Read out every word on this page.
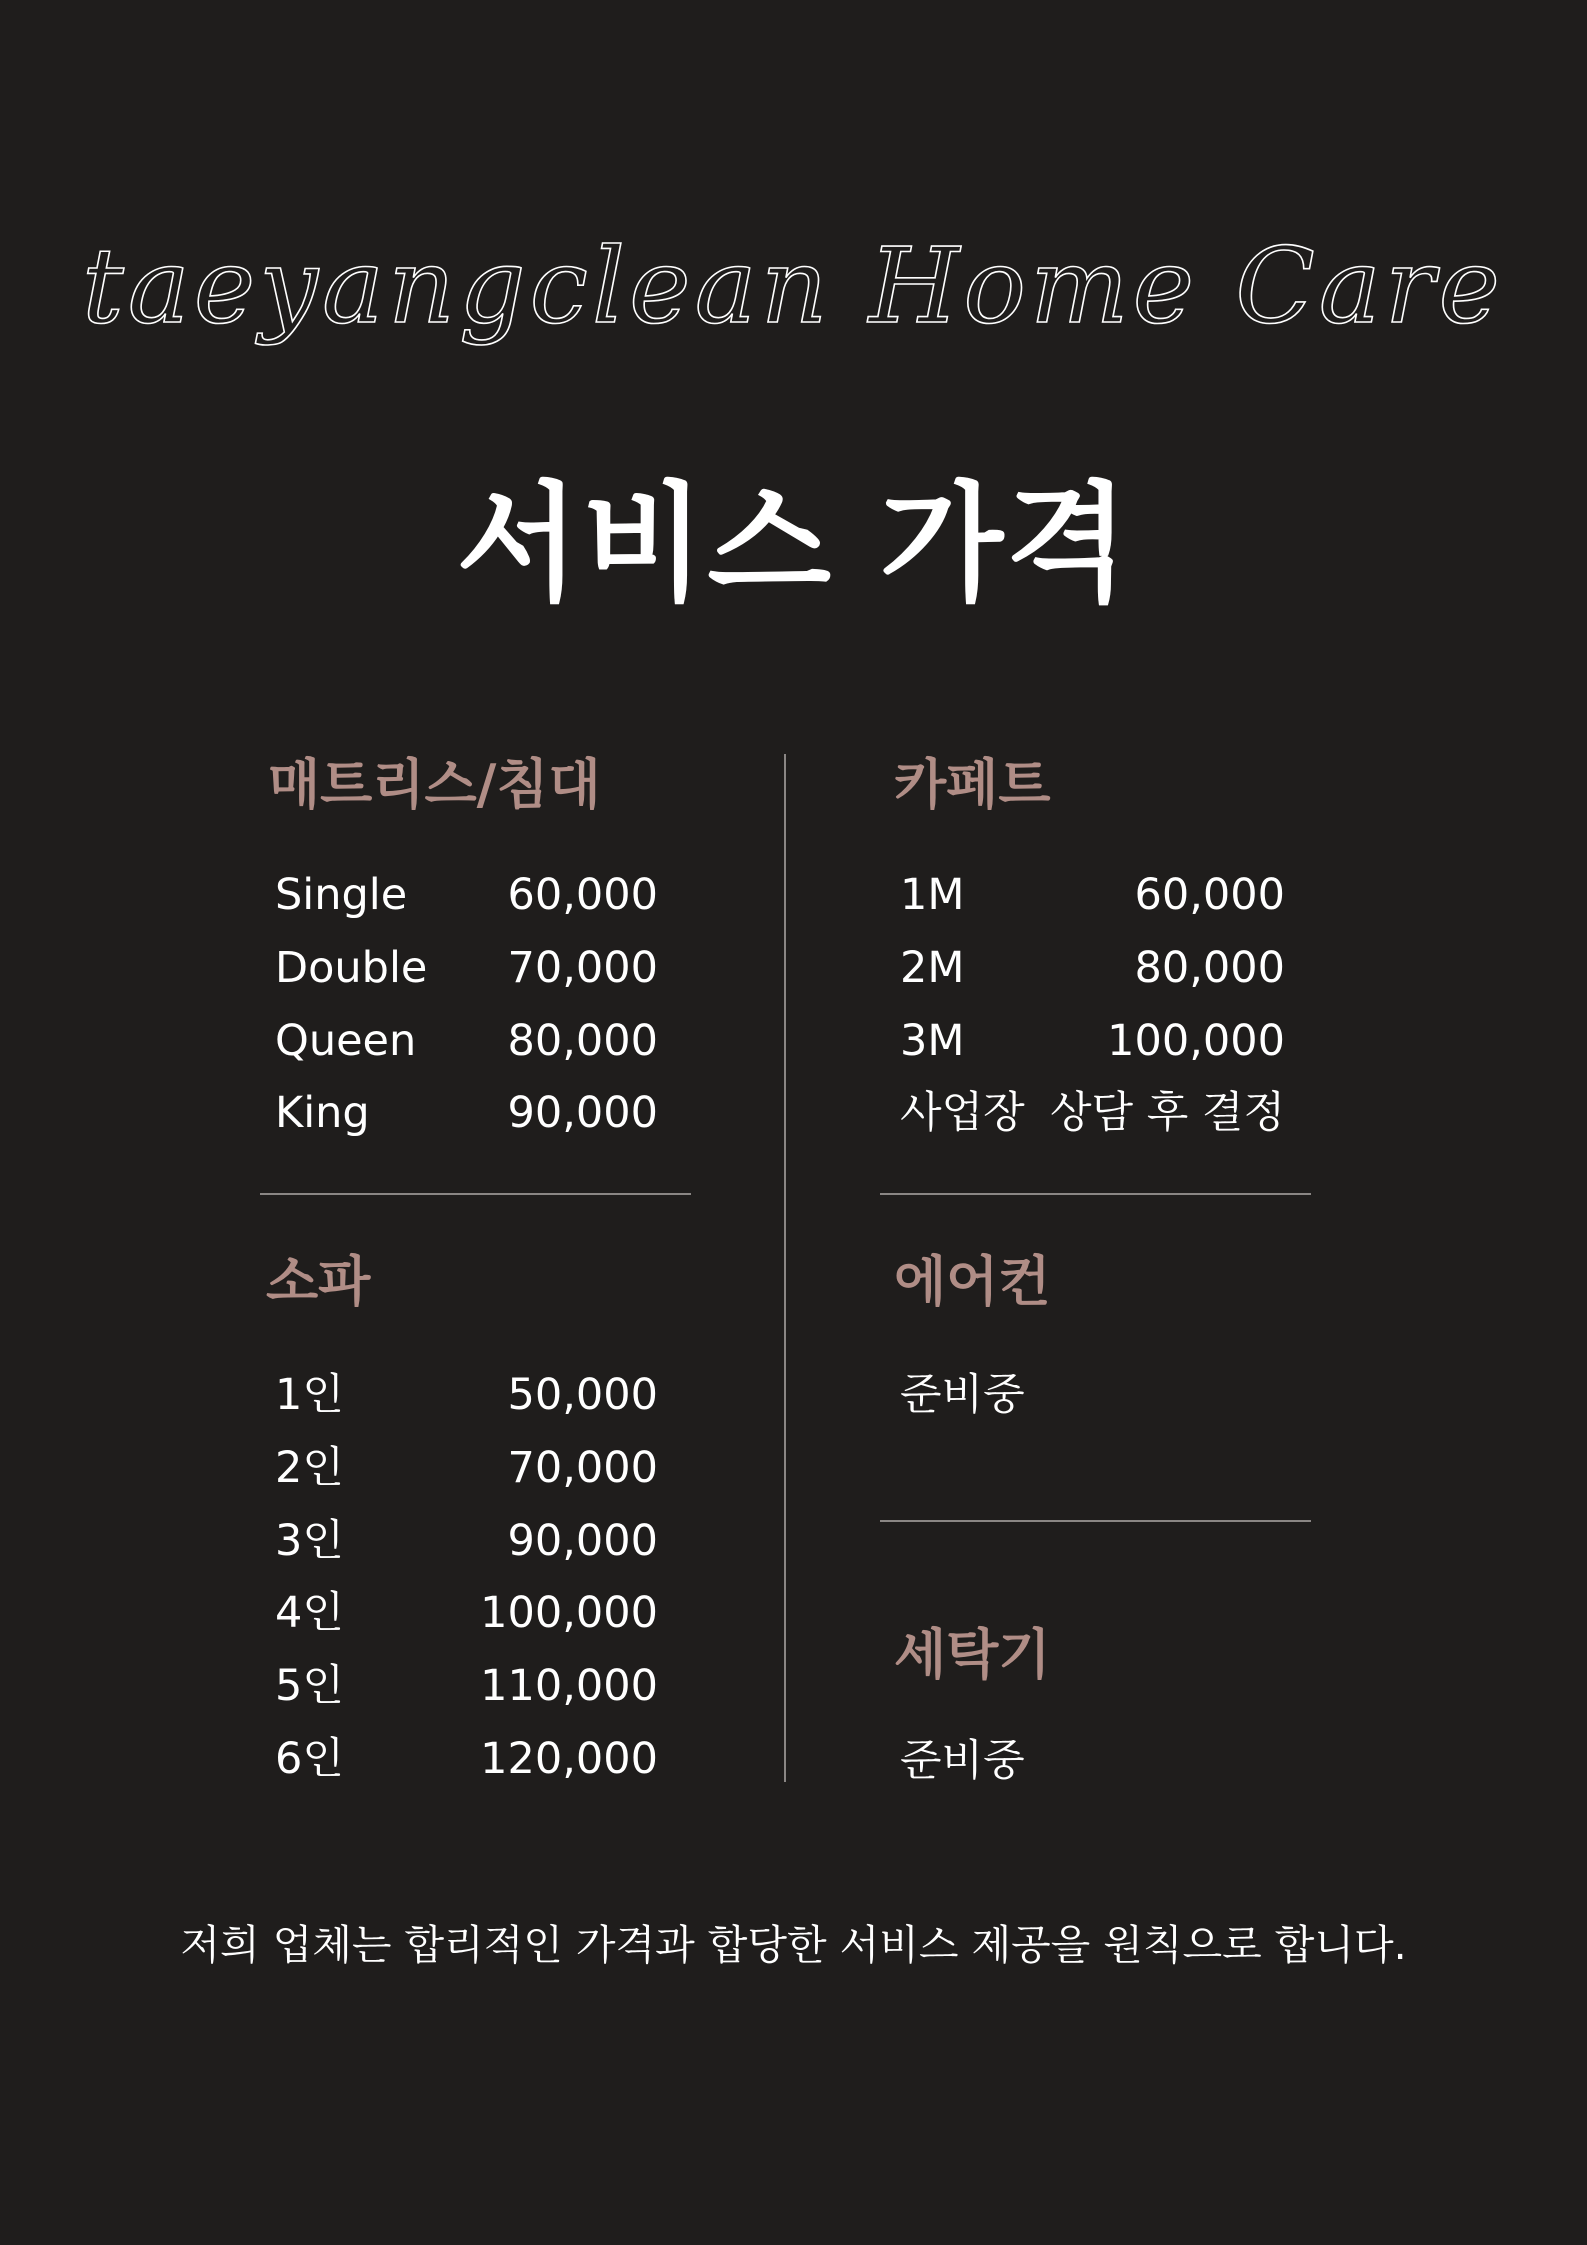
taeyangclean Home Care
서비스 가격
매트리스/침대
Single 60,000
Double 70,000
Queen 80,000
King	90,000
소파
1인	50,000
2인	70,000
3인	90,000
4인	100,000
5인	110,000
6인	120,000
카페트
1M	60,000
2M	80,000
3M	100,000
사업장 상담 후 결정
에어컨
준비중
세탁기
준비중

저희 업체는 합리적인 가격과 합당한 서비스 제공을 원칙으로 합니다.
